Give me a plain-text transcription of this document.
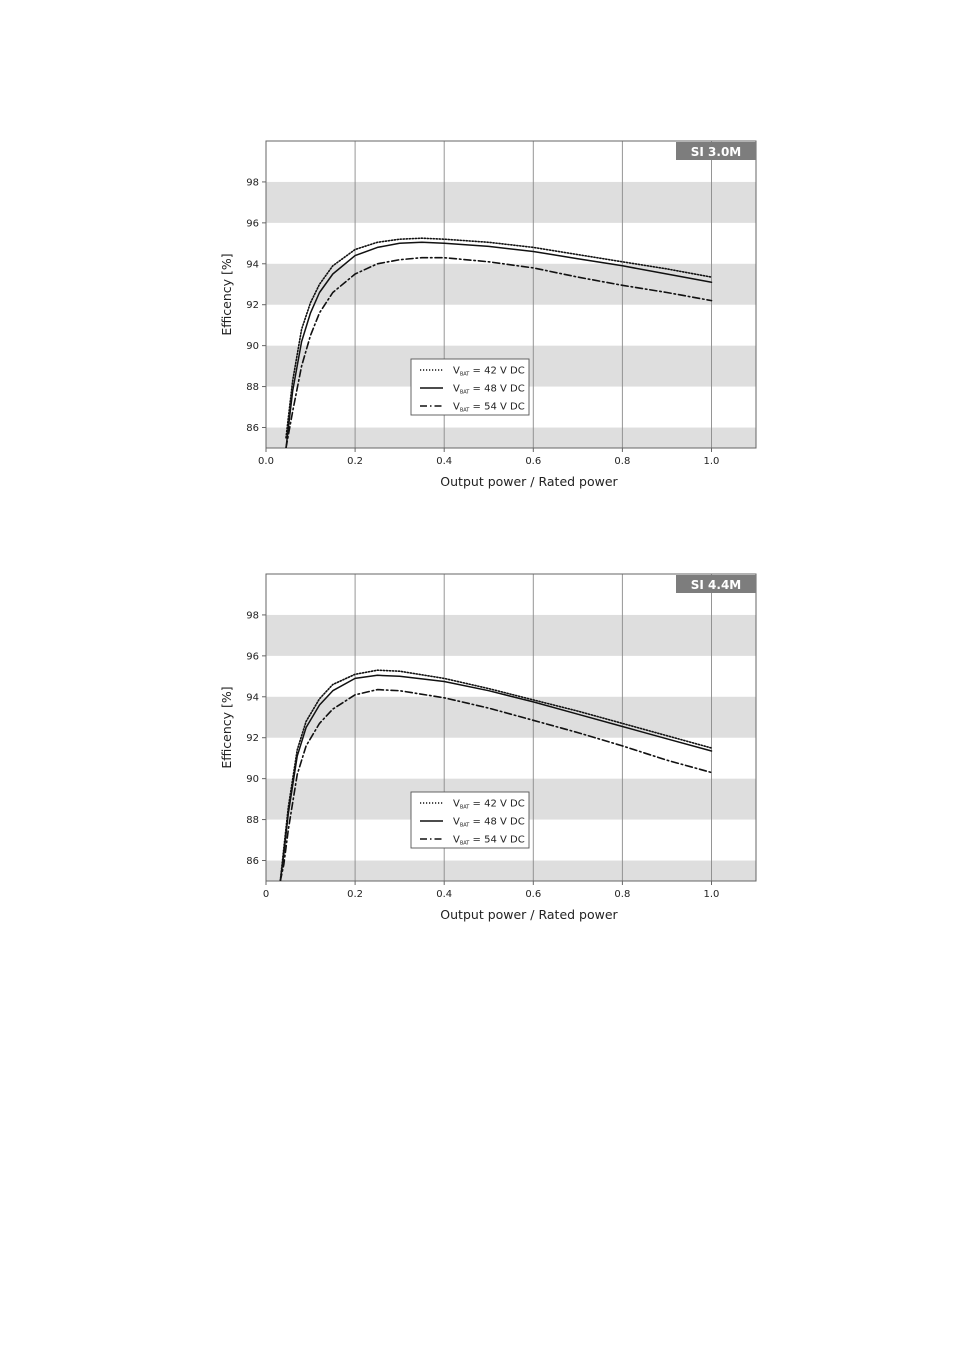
0.0	0.2	0.4	0.6	0.8	1.0
98
96
94
92
90
88
86
SI 3.0M
Output power / Rated power
Efficency [%]
$V_{BAT} = 42$ V DC
$V_{BAT} = 48$ V DC
$V_{BAT} = 54$ V DC
0	0.2	0.4	0.6	0.8	1.0
98
96
94
92
90
88
86
SI 4.4M
Output power / Rated power
Efficency [%]
$V_{BAT} = 42$ V DC
$V_{BAT} = 48$ V DC
$V_{BAT} = 54$ V DC
